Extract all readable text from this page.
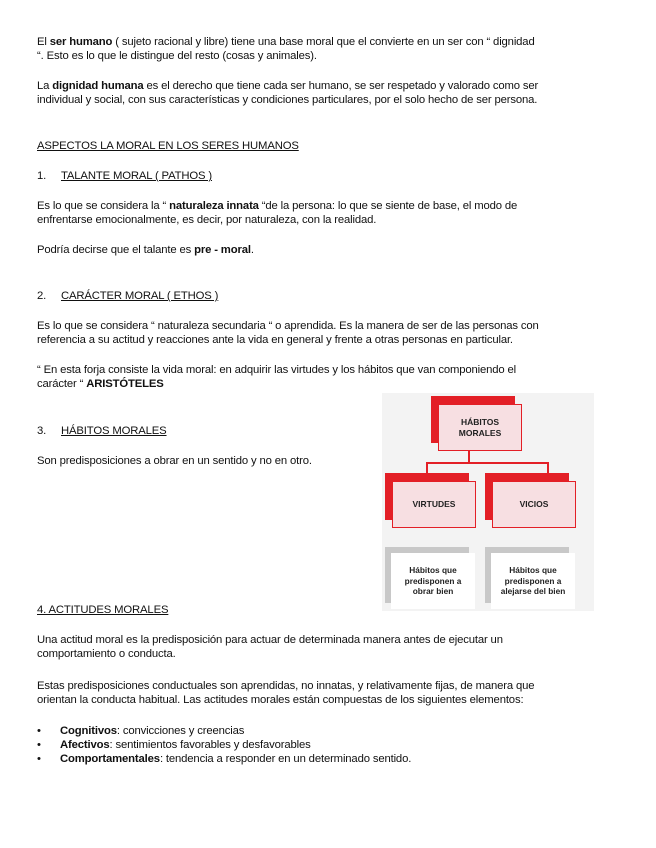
El ser humano ( sujeto racional y libre) tiene una base moral que el convierte en un ser con “ dignidad

“. Esto es lo que le distingue del resto (cosas y animales).

La dignidad humana es el derecho que tiene cada ser humano, se ser respetado y valorado como ser

individual y social, con sus características y condiciones particulares, por el solo hecho de ser persona.

ASPECTOS LA MORAL EN LOS SERES HUMANOS

1. TALANTE MORAL ( PATHOS )

Es lo que se considera la “ naturaleza innata “de la persona: lo que se siente de base, el modo de

enfrentarse emocionalmente, es decir, por naturaleza, con la realidad.

Podría decirse que el talante es pre - moral.

2. CARÁCTER MORAL ( ETHOS )

Es lo que se considera “ naturaleza secundaria “ o aprendida. Es la manera de ser de las personas con

referencia a su actitud y reacciones ante la vida en general y frente a otras personas en particular.

“ En esta forja consiste la vida moral: en adquirir las virtudes y los hábitos que van componiendo el

carácter “ ARISTÓTELES

3. HÁBITOS MORALES

Son predisposiciones a obrar en un sentido y no en otro.

HÁBITOS MORALES
VIRTUDES	VICIOS
Hábitos que predisponen a obrar bien
Hábitos que predisponen a alejarse del bien

4. ACTITUDES MORALES

Una actitud moral es la predisposición para actuar de determinada manera antes de ejecutar un

comportamiento o conducta.

Estas predisposiciones conductuales son aprendidas, no innatas, y relativamente fijas, de manera que

orientan la conducta habitual. Las actitudes morales están compuestas de los siguientes elementos:

• Cognitivos: convicciones y creencias
• Afectivos: sentimientos favorables y desfavorables
• Comportamentales: tendencia a responder en un determinado sentido.
